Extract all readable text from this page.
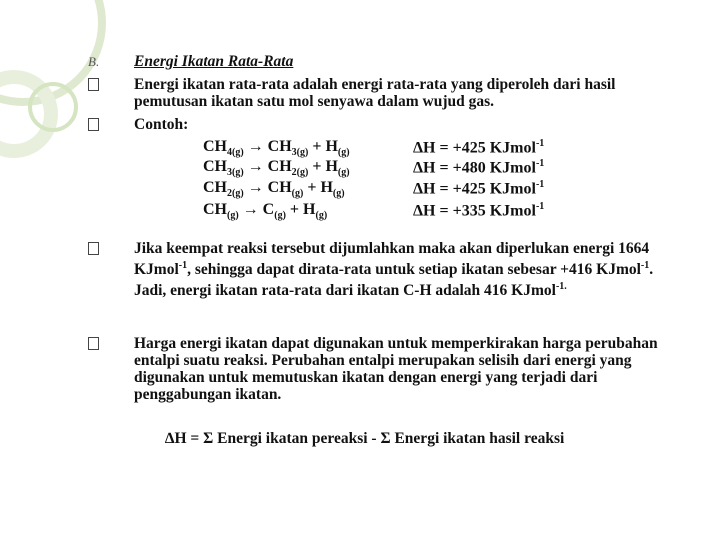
B. Energi Ikatan Rata-Rata
Energi ikatan rata-rata adalah energi rata-rata yang diperoleh dari hasil pemutusan ikatan satu mol senyawa dalam wujud gas.
Contoh:
$CH_{4(g)} \to CH_{3(g)} + H_{(g)}$	ΔH = +425 KJmol$^{-1}$
$CH_{3(g)} \to CH_{2(g)} + H_{(g)}$	ΔH = +480 KJmol$^{-1}$
$CH_{2(g)} \to CH_{(g)} + H_{(g)}$	ΔH = +425 KJmol$^{-1}$
$CH_{(g)} \to C_{(g)} + H_{(g)}$	ΔH = +335 KJmol$^{-1}$
Jika keempat reaksi tersebut dijumlahkan maka akan diperlukan energi 1664 KJmol$^{-1}$, sehingga dapat dirata-rata untuk setiap ikatan sebesar +416 KJmol$^{-1}$. Jadi, energi ikatan rata-rata dari ikatan C-H adalah 416 KJmol$^{-1.}$
Harga energi ikatan dapat digunakan untuk memperkirakan harga perubahan entalpi suatu reaksi. Perubahan entalpi merupakan selisih dari energi yang digunakan untuk memutuskan ikatan dengan energi yang terjadi dari penggabungan ikatan.
∆H = Σ Energi ikatan pereaksi - Σ Energi ikatan hasil reaksi
